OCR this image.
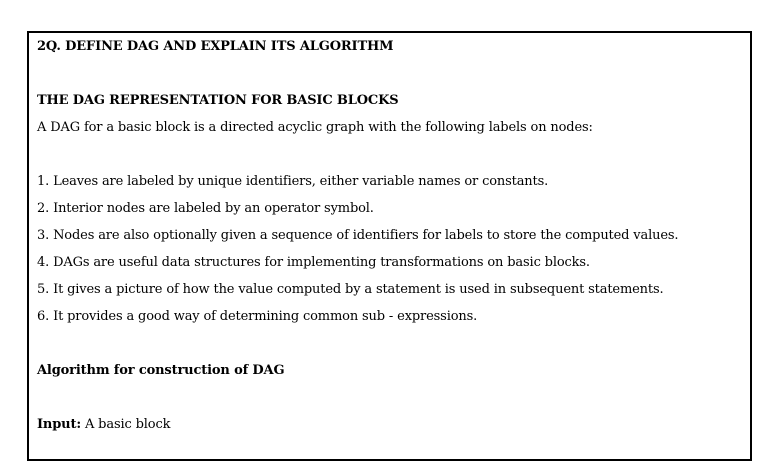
2Q. DEFINE DAG AND EXPLAIN ITS ALGORITHM
THE DAG REPRESENTATION FOR BASIC BLOCKS
A DAG for a basic block is a directed acyclic graph with the following labels on nodes:
1. Leaves are labeled by unique identifiers, either variable names or constants.
2. Interior nodes are labeled by an operator symbol.
3. Nodes are also optionally given a sequence of identifiers for labels to store the computed values.
4. DAGs are useful data structures for implementing transformations on basic blocks.
5. It gives a picture of how the value computed by a statement is used in subsequent statements.
6. It provides a good way of determining common sub - expressions.
Algorithm for construction of DAG
Input: A basic block
